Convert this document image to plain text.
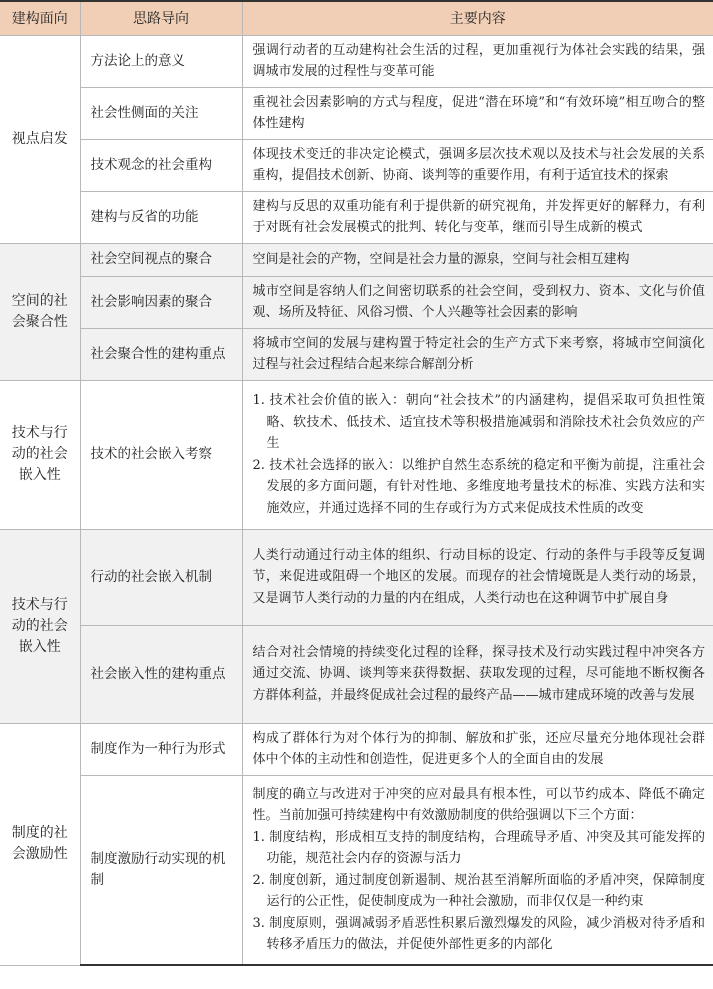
建构面向	思路导向	主要内容
视点启发	方法论上的意义	强调行动者的互动建构社会生活的过程，更加重视行为体社会实践的结果，强调城市发展的过程性与变革可能
	社会性侧面的关注	重视社会因素影响的方式与程度，促进“潜在环境”和“有效环境”相互吻合的整体性建构
	技术观念的社会重构	体现技术变迁的非决定论模式，强调多层次技术观以及技术与社会发展的关系重构，提倡技术创新、协商、谈判等的重要作用，有利于适宜技术的探索
	建构与反省的功能	建构与反思的双重功能有利于提供新的研究视角，并发挥更好的解释力，有利于对既有社会发展模式的批判、转化与变革，继而引导生成新的模式
空间的社会聚合性	社会空间视点的聚合	空间是社会的产物，空间是社会力量的源泉，空间与社会相互建构
	社会影响因素的聚合	城市空间是容纳人们之间密切联系的社会空间，受到权力、资本、文化与价值观、场所及特征、风俗习惯、个人兴趣等社会因素的影响
	社会聚合性的建构重点	将城市空间的发展与建构置于特定社会的生产方式下来考察，将城市空间演化过程与社会过程结合起来综合解剖分析
技术与行动的社会嵌入性	技术的社会嵌入考察	1. 技术社会价值的嵌入：朝向“社会技术”的内涵建构，提倡采取可负担性策略、软技术、低技术、适宜技术等积极措施减弱和消除技术社会负效应的产生
2. 技术社会选择的嵌入：以维护自然生态系统的稳定和平衡为前提，注重社会发展的多方面问题，有针对性地、多维度地考量技术的标准、实践方法和实施效应，并通过选择不同的生存或行为方式来促成技术性质的改变

技术与行动的社会嵌入性	行动的社会嵌入机制	人类行动通过行动主体的组织、行动目标的设定、行动的条件与手段等反复调节，来促进或阻碍一个地区的发展。而现存的社会情境既是人类行动的场景，又是调节人类行动的力量的内在组成，人类行动也在这种调节中扩展自身
	社会嵌入性的建构重点	结合对社会情境的持续变化过程的诠释，探寻技术及行动实践过程中冲突各方通过交流、协调、谈判等来获得数据、获取发现的过程，尽可能地不断权衡各方群体利益，并最终促成社会过程的最终产品——城市建成环境的改善与发展
制度的社会激励性	制度作为一种行为形式	构成了群体行为对个体行为的抑制、解放和扩张，还应尽量充分地体现社会群体中个体的主动性和创造性，促进更多个人的全面自由的发展
	制度激励行动实现的机制	制度的确立与改进对于冲突的应对最具有根本性，可以节约成本、降低不确定性。当前加强可持续建构中有效激励制度的供给强调以下三个方面：
1. 制度结构，形成相互支持的制度结构，合理疏导矛盾、冲突及其可能发挥的功能，规范社会内存的资源与活力
2. 制度创新，通过制度创新遏制、规治甚至消解所面临的矛盾冲突，保障制度运行的公正性，促使制度成为一种社会激励，而非仅仅是一种约束
3. 制度原则，强调减弱矛盾恶性积累后激烈爆发的风险，减少消极对待矛盾和转移矛盾压力的做法，并促使外部性更多的内部化
